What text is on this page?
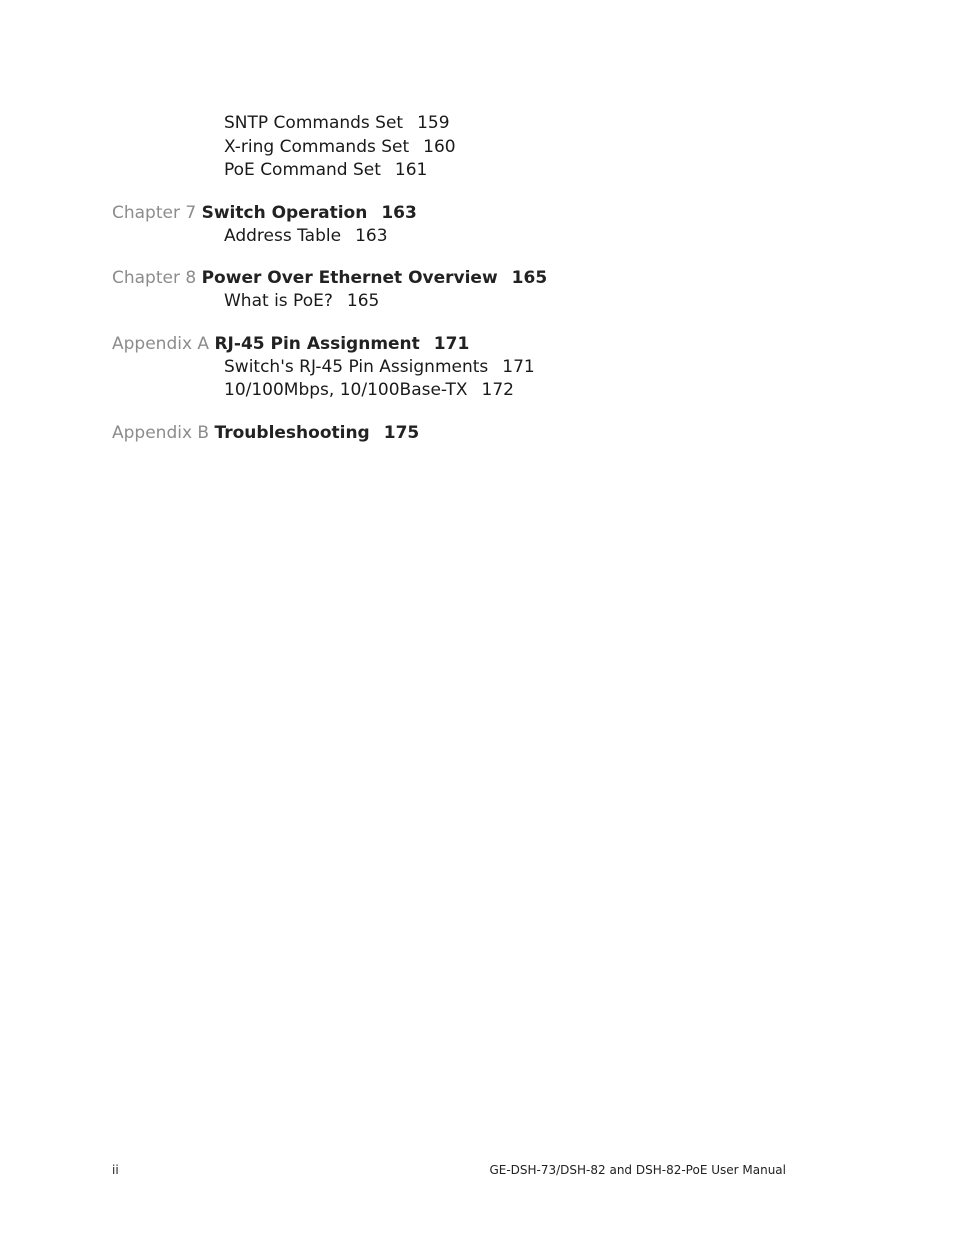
SNTP Commands Set 159
X-ring Commands Set 160
PoE Command Set 161
Chapter 7 Switch Operation 163
Address Table 163
Chapter 8 Power Over Ethernet Overview 165
What is PoE? 165
Appendix A RJ-45 Pin Assignment 171
Switch's RJ-45 Pin Assignments 171
10/100Mbps, 10/100Base-TX 172
Appendix B Troubleshooting 175
ii	GE-DSH-73/DSH-82 and DSH-82-PoE User Manual
